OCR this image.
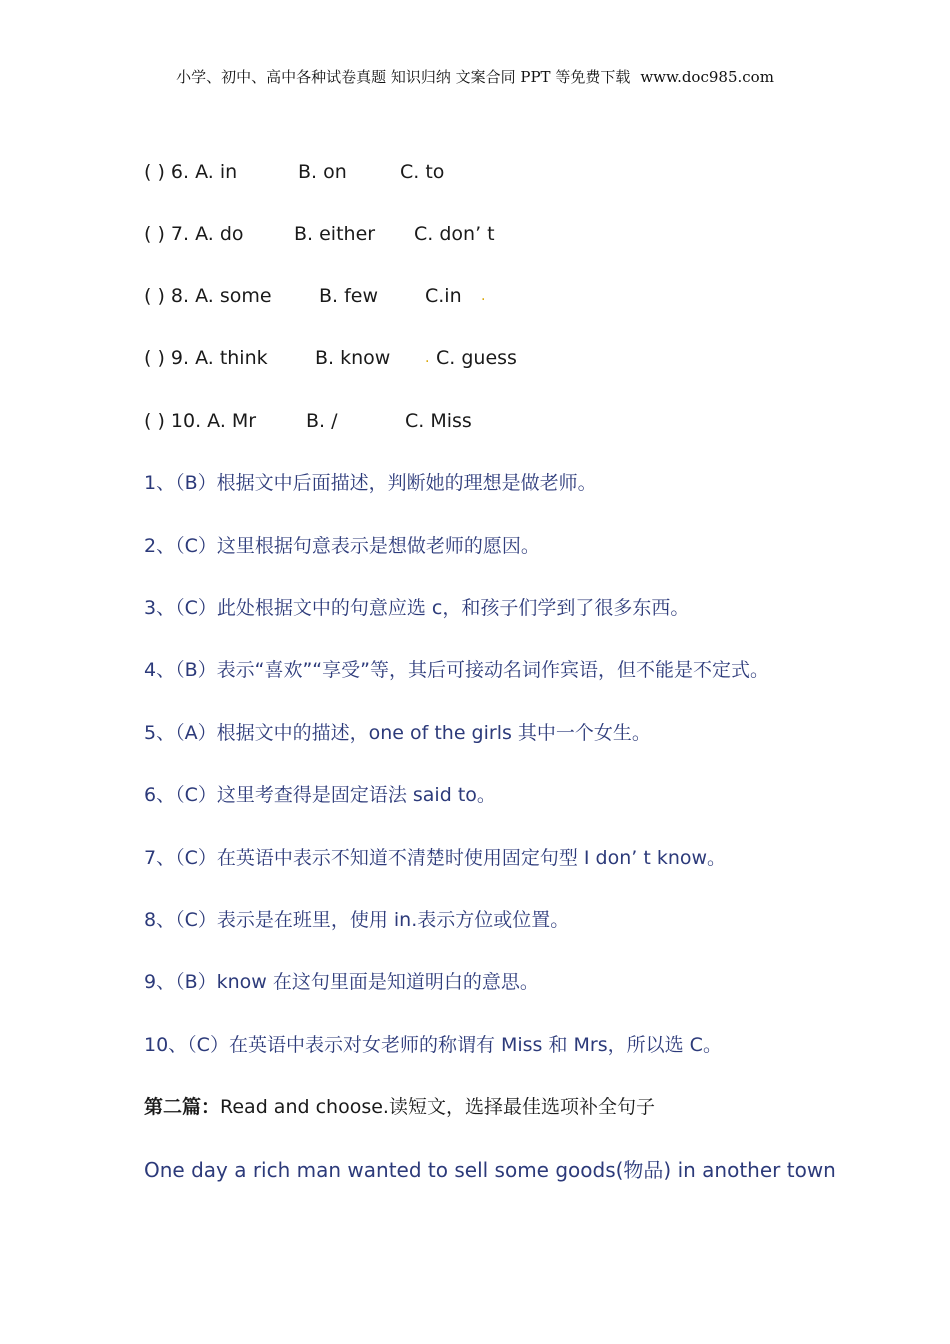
小学、初中、高中各种试卷真题 知识归纳 文案合同 PPT 等免费下载 www.doc985.com
( ) 6. A. in	B. on	C. to
( ) 7. A. do	B. either C. don’ t
( ) 8. A. some B. few C.in
( ) 9. A. think B. know C. guess
( ) 10. A. Mr	B. /	C. Miss
.
.
1、（B）根据文中后面描述，判断她的理想是做老师。
2、（C）这里根据句意表示是想做老师的愿因。
3、（C）此处根据文中的句意应选 c，和孩子们学到了很多东西。
4、（B）表示“喜欢”“享受”等，其后可接动名词作宾语，但不能是不定式。
5、（A）根据文中的描述，one of the girls 其中一个女生。
6、（C）这里考查得是固定语法 said to。
7、（C）在英语中表示不知道不清楚时使用固定句型 I don’ t know。
8、（C）表示是在班里，使用 in.表示方位或位置。
9、（B）know 在这句里面是知道明白的意思。
10、（C）在英语中表示对女老师的称谓有 Miss 和 Mrs，所以选 C。
第二篇：Read and choose.读短文，选择最佳选项补全句子
One day a rich man wanted to sell some goods(物品) in another town
